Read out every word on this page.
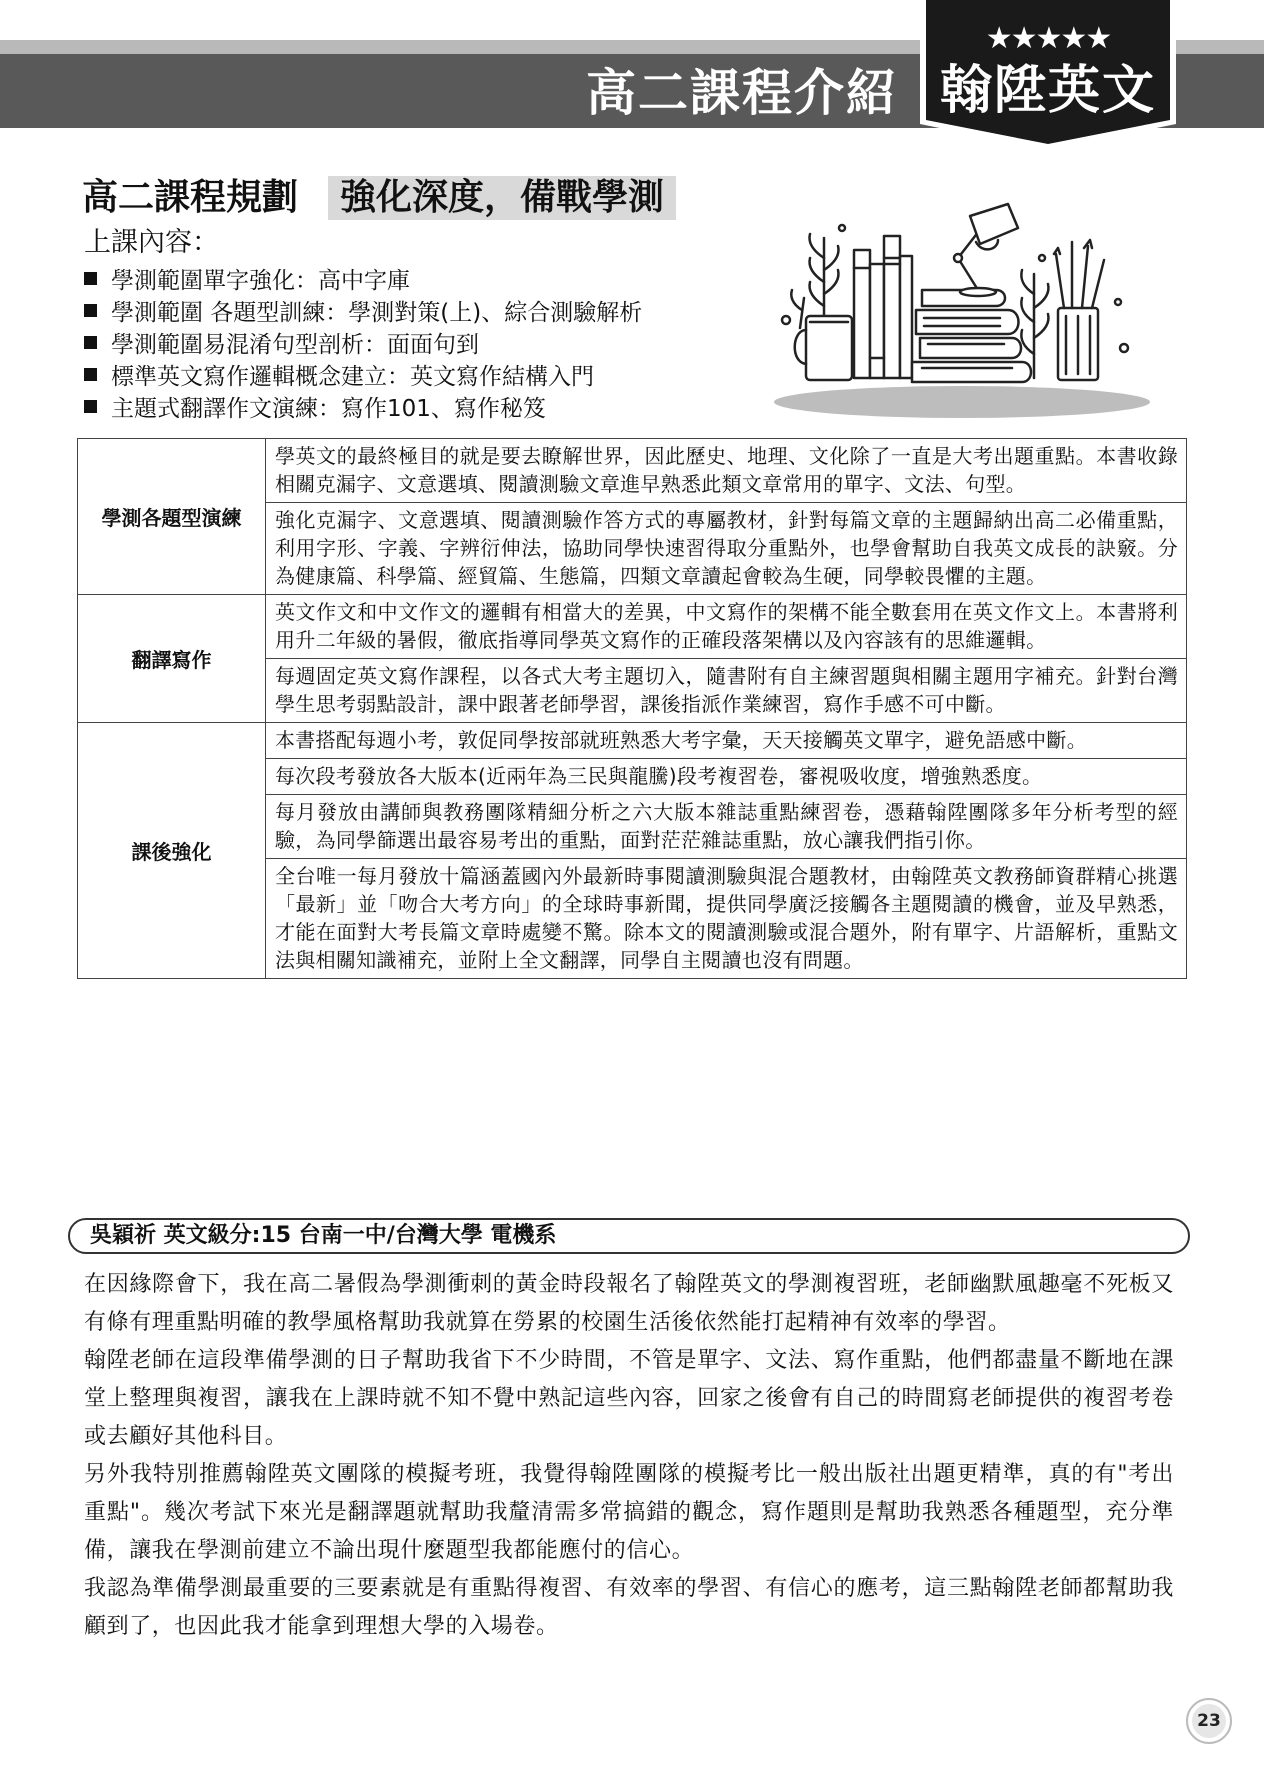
高二課程介紹
★★★★★
翰陞英文
高二課程規劃	強化深度，備戰學測
上課內容：
學測範圍單字強化：高中字庫
學測範圍 各題型訓練：學測對策(上)、綜合測驗解析
學測範圍易混淆句型剖析：面面句到
標準英文寫作邏輯概念建立：英文寫作結構入門
主題式翻譯作文演練：寫作101、寫作秘笈
學測各題型演練	學英文的最終極目的就是要去瞭解世界，因此歷史、地理、文化除了一直是大考出題重點。本書收錄相關克漏字、文意選填、閱讀測驗文章進早熟悉此類文章常用的單字、文法、句型。
	強化克漏字、文意選填、閱讀測驗作答方式的專屬教材，針對每篇文章的主題歸納出高二必備重點，利用字形、字義、字辨衍伸法，協助同學快速習得取分重點外，也學會幫助自我英文成長的訣竅。分為健康篇、科學篇、經貿篇、生態篇，四類文章讀起會較為生硬，同學較畏懼的主題。
翻譯寫作	英文作文和中文作文的邏輯有相當大的差異，中文寫作的架構不能全數套用在英文作文上。本書將利用升二年級的暑假，徹底指導同學英文寫作的正確段落架構以及內容該有的思維邏輯。
	每週固定英文寫作課程，以各式大考主題切入，隨書附有自主練習題與相關主題用字補充。針對台灣學生思考弱點設計，課中跟著老師學習，課後指派作業練習，寫作手感不可中斷。
課後強化	本書搭配每週小考，敦促同學按部就班熟悉大考字彙，天天接觸英文單字，避免語感中斷。
	每次段考發放各大版本(近兩年為三民與龍騰)段考複習卷，審視吸收度，增強熟悉度。
	每月發放由講師與教務團隊精細分析之六大版本雜誌重點練習卷，憑藉翰陞團隊多年分析考型的經驗，為同學篩選出最容易考出的重點，面對茫茫雜誌重點，放心讓我們指引你。
	全台唯一每月發放十篇涵蓋國內外最新時事閱讀測驗與混合題教材，由翰陞英文教務師資群精心挑選「最新」並「吻合大考方向」的全球時事新聞，提供同學廣泛接觸各主題閱讀的機會，並及早熟悉，才能在面對大考長篇文章時處變不驚。除本文的閱讀測驗或混合題外，附有單字、片語解析，重點文法與相關知識補充，並附上全文翻譯，同學自主閱讀也沒有問題。
吳穎祈 英文級分:15 台南一中/台灣大學 電機系

在因緣際會下，我在高二暑假為學測衝刺的黃金時段報名了翰陞英文的學測複習班，老師幽默風趣毫不死板又有條有理重點明確的教學風格幫助我就算在勞累的校園生活後依然能打起精神有效率的學習。

翰陞老師在這段準備學測的日子幫助我省下不少時間，不管是單字、文法、寫作重點，他們都盡量不斷地在課堂上整理與複習，讓我在上課時就不知不覺中熟記這些內容，回家之後會有自己的時間寫老師提供的複習考卷或去顧好其他科目。

另外我特別推薦翰陞英文團隊的模擬考班，我覺得翰陞團隊的模擬考比一般出版社出題更精準，真的有"考出重點"。幾次考試下來光是翻譯題就幫助我釐清需多常搞錯的觀念，寫作題則是幫助我熟悉各種題型，充分準備，讓我在學測前建立不論出現什麼題型我都能應付的信心。

我認為準備學測最重要的三要素就是有重點得複習、有效率的學習、有信心的應考，這三點翰陞老師都幫助我顧到了，也因此我才能拿到理想大學的入場卷。

23
